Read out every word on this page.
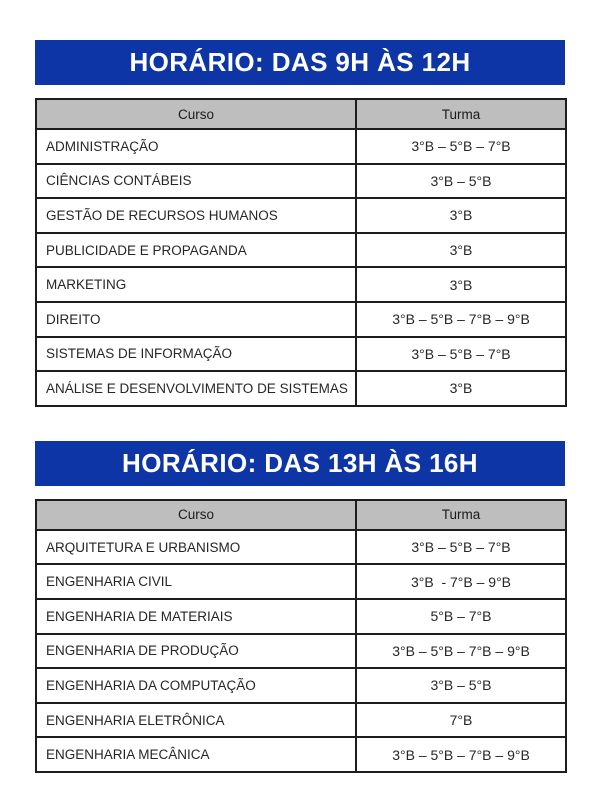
HORÁRIO: DAS 9H ÀS 12H
Curso	Turma
ADMINISTRAÇÃO	3°B – 5°B – 7°B
CIÊNCIAS CONTÁBEIS	3°B – 5°B
GESTÃO DE RECURSOS HUMANOS	3°B
PUBLICIDADE E PROPAGANDA	3°B
MARKETING	3°B
DIREITO	3°B – 5°B – 7°B – 9°B
SISTEMAS DE INFORMAÇÃO	3°B – 5°B – 7°B
ANÁLISE E DESENVOLVIMENTO DE SISTEMAS	3°B
HORÁRIO: DAS 13H ÀS 16H
Curso	Turma
ARQUITETURA E URBANISMO	3°B – 5°B – 7°B
ENGENHARIA CIVIL	3°B  - 7°B – 9°B
ENGENHARIA DE MATERIAIS	5°B – 7°B
ENGENHARIA DE PRODUÇÃO	3°B – 5°B – 7°B – 9°B
ENGENHARIA DA COMPUTAÇÃO	3°B – 5°B
ENGENHARIA ELETRÔNICA	7°B
ENGENHARIA MECÂNICA	3°B – 5°B – 7°B – 9°B
